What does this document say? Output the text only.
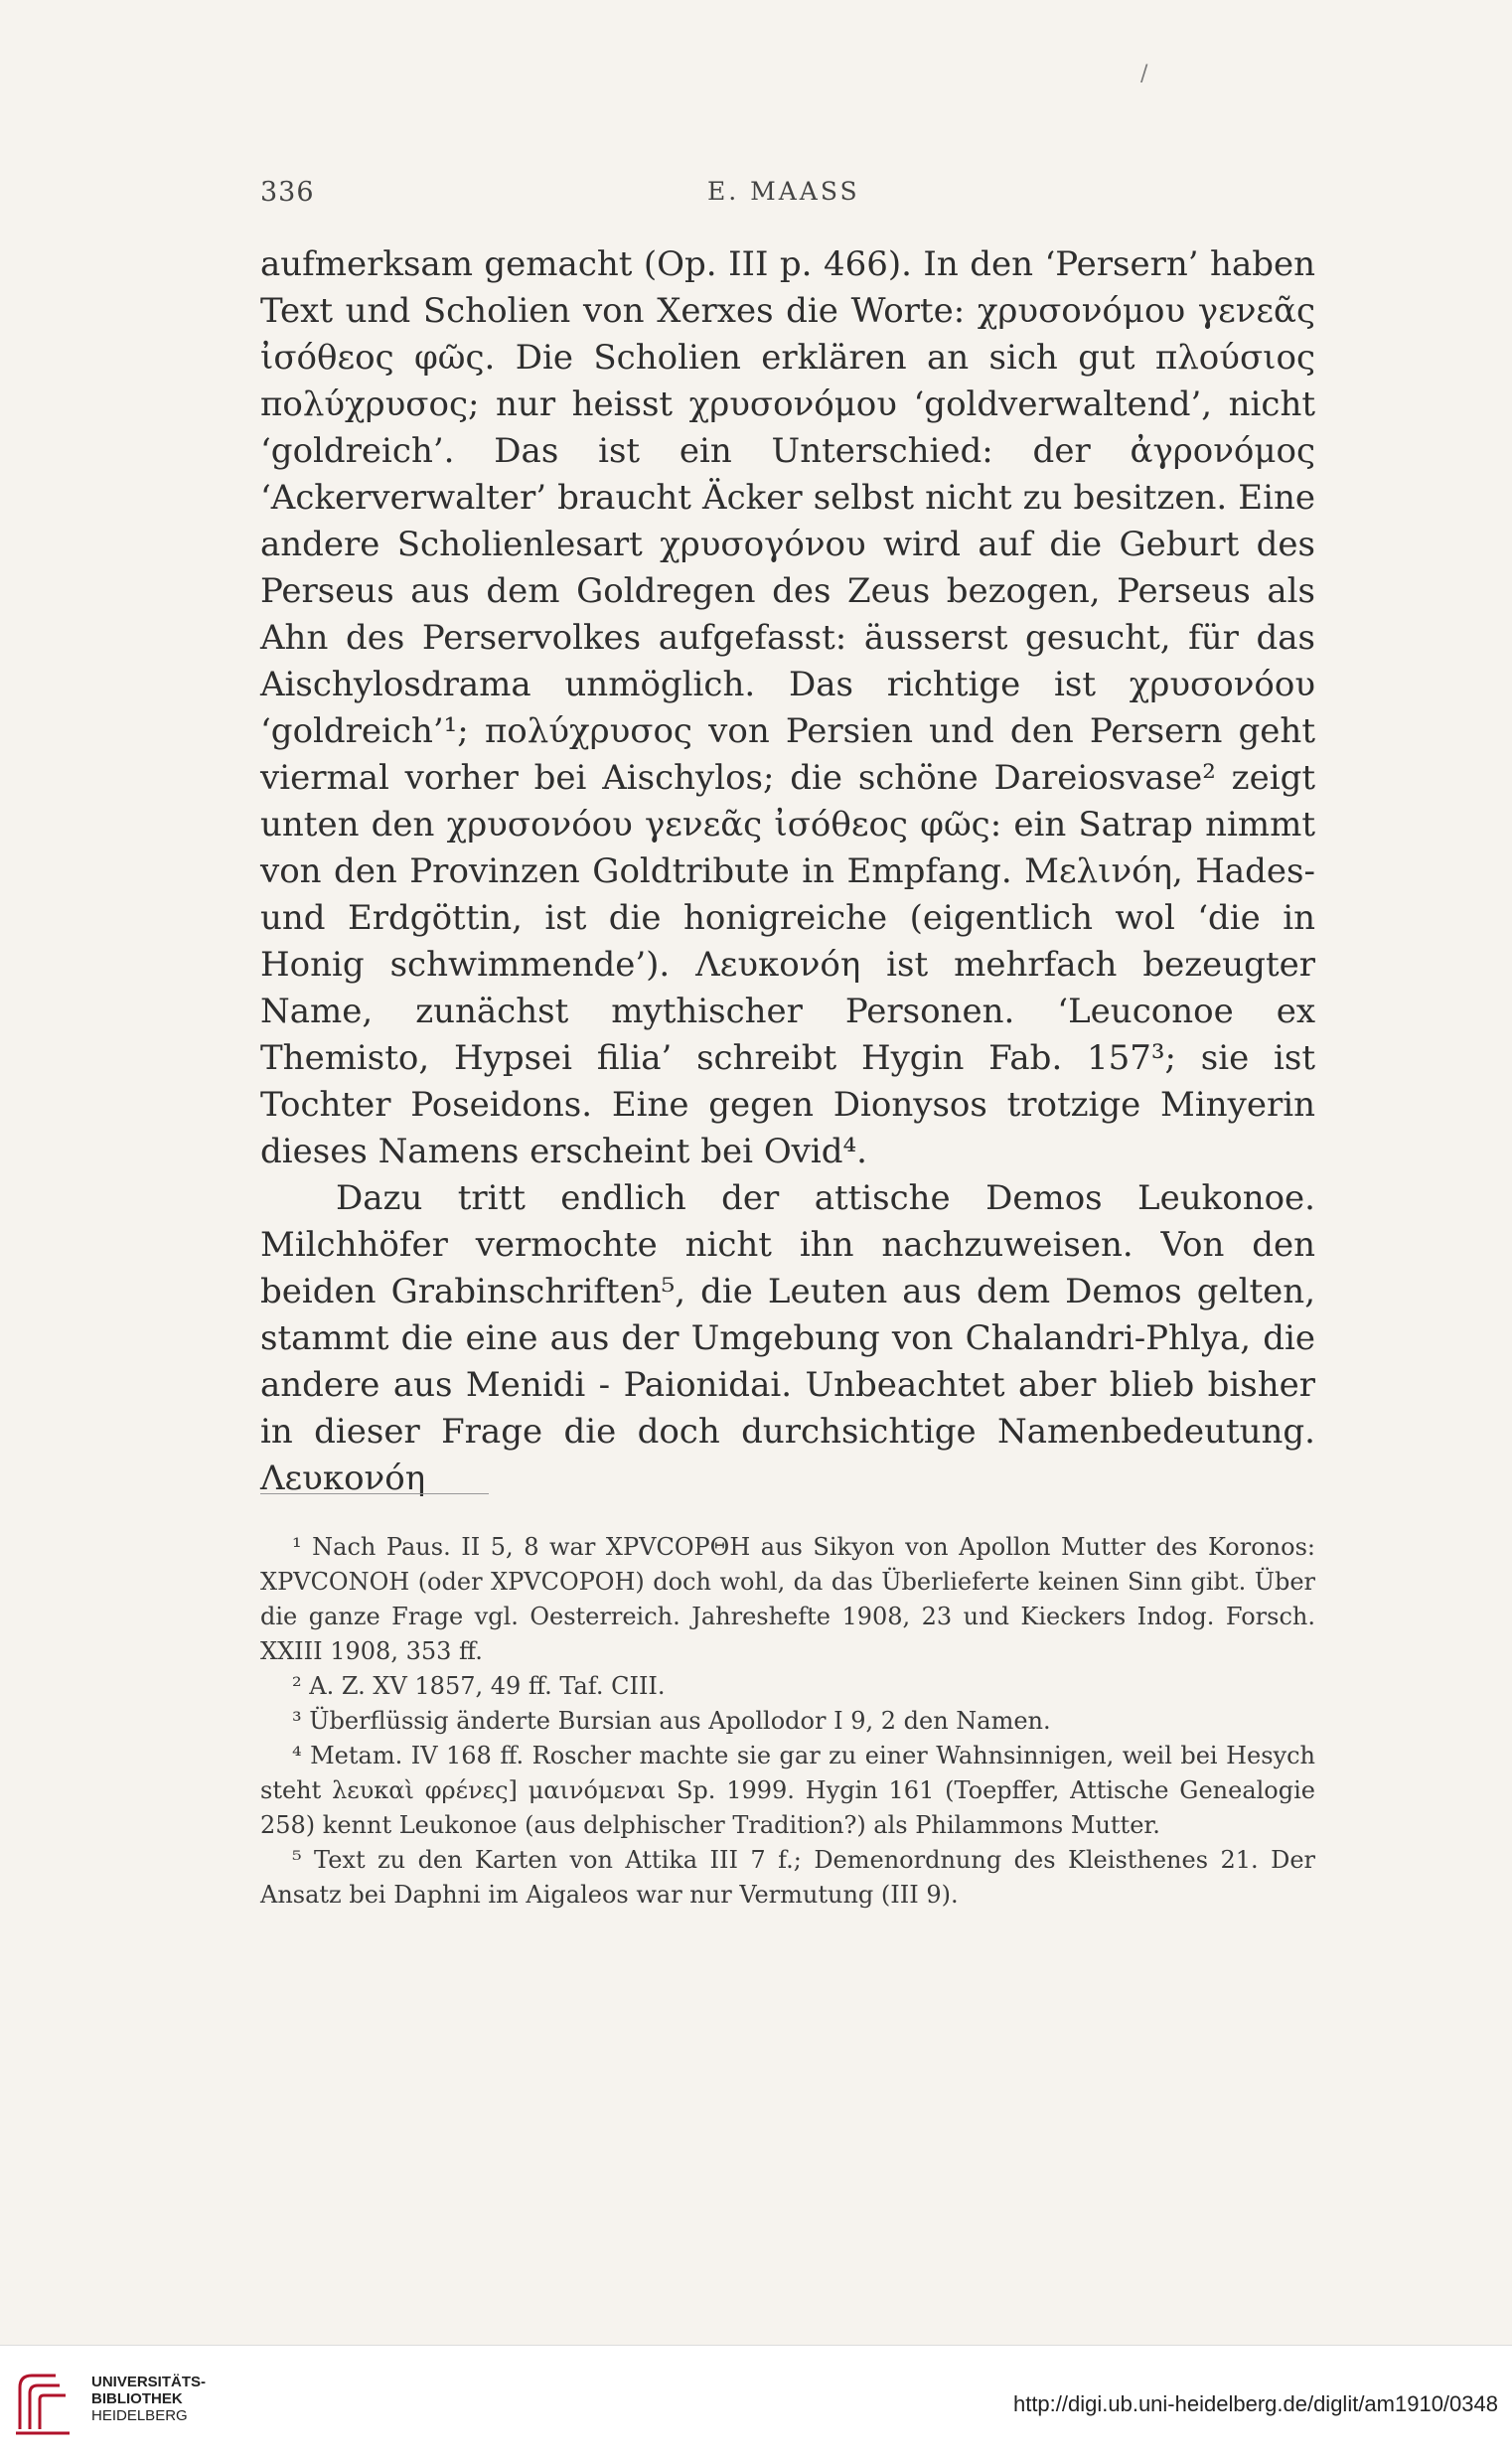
/
336	E. MAASS

aufmerksam gemacht (Op. III p. 466). In den ‘Persern’ haben Text und Scholien von Xerxes die Worte: χρυσονόμου γενεᾶς ἰσόθεος φῶς. Die Scholien erklären an sich gut πλούσιος πολύχρυσος; nur heisst χρυσονόμου ‘goldverwaltend’, nicht ‘goldreich’. Das ist ein Unterschied: der ἀγρονόμος ‘Ackerverwalter’ braucht Äcker selbst nicht zu besitzen. Eine andere Scholienlesart χρυσογόνου wird auf die Geburt des Perseus aus dem Goldregen des Zeus bezogen, Perseus als Ahn des Perservolkes aufgefasst: äusserst gesucht, für das Aischylosdrama unmöglich. Das richtige ist χρυσονόου ‘goldreich’¹; πολύχρυσος von Persien und den Persern geht viermal vorher bei Aischylos; die schöne Dareiosvase² zeigt unten den χρυσονόου γενεᾶς ἰσόθεος φῶς: ein Satrap nimmt von den Provinzen Goldtribute in Empfang. Μελινόη, Hades- und Erdgöttin, ist die honigreiche (eigentlich wol ‘die in Honig schwimmende’). Λευκονόη ist mehrfach bezeugter Name, zunächst mythischer Personen. ‘Leuconoe ex Themisto, Hypsei filia’ schreibt Hygin Fab. 157³; sie ist Tochter Poseidons. Eine gegen Dionysos trotzige Minyerin dieses Namens erscheint bei Ovid⁴.

Dazu tritt endlich der attische Demos Leukonoe. Milchhöfer vermochte nicht ihn nachzuweisen. Von den beiden Grabinschriften⁵, die Leuten aus dem Demos gelten, stammt die eine aus der Umgebung von Chalandri-Phlya, die andere aus Menidi - Paionidai. Unbeachtet aber blieb bisher in dieser Frage die doch durchsichtige Namenbedeutung. Λευκονόη

¹ Nach Paus. II 5, 8 war ΧΡVCOΡΘΗ aus Sikyon von Apollon Mutter des Koronos: ΧΡVCONOΗ (oder ΧΡVCOΡΟΗ) doch wohl, da das Überlieferte keinen Sinn gibt. Über die ganze Frage vgl. Oesterreich. Jahreshefte 1908, 23 und Kieckers Indog. Forsch. XXIII 1908, 353 ff.

² A. Z. XV 1857, 49 ff. Taf. CIII.

³ Überflüssig änderte Bursian aus Apollodor I 9, 2 den Namen.

⁴ Metam. IV 168 ff. Roscher machte sie gar zu einer Wahnsinnigen, weil bei Hesych steht λευκαὶ φρένες] μαινόμεναι Sp. 1999. Hygin 161 (Toepffer, Attische Genealogie 258) kennt Leukonoe (aus delphischer Tradition?) als Philammons Mutter.

⁵ Text zu den Karten von Attika III 7 f.; Demenordnung des Kleisthenes 21. Der Ansatz bei Daphni im Aigaleos war nur Vermutung (III 9).

UNIVERSITÄTS-
BIBLIOTHEK
HEIDELBERG	http://digi.ub.uni-heidelberg.de/diglit/am1910/0348
